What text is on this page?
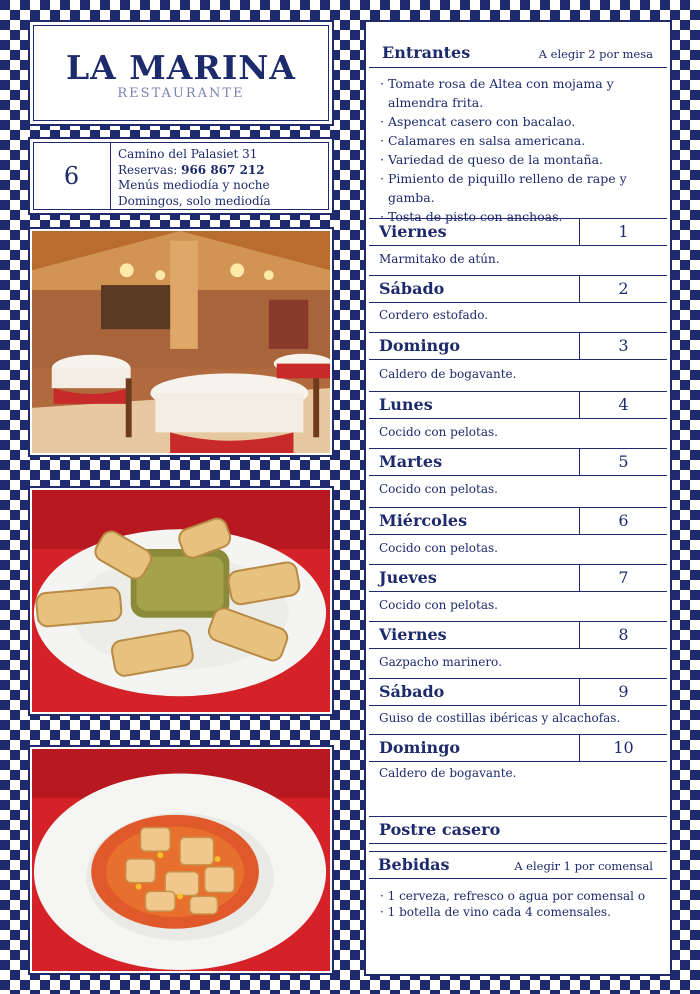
LA MARINA
RESTAURANTE
6
Camino del Palasiet 31
Reservas: 966 867 212
Menús mediodía y noche
Domingos, solo mediodía
Entrantes	A elegir 2 por mesa
· Tomate rosa de Altea con mojama y almendra frita.
· Aspencat casero con bacalao.
· Calamares en salsa americana.
· Variedad de queso de la montaña.
· Pimiento de piquillo relleno de rape y gamba.
· Tosta de pisto con anchoas.
Viernes	1
Marmitako de atún.
Sábado	2
Cordero estofado.
Domingo	3
Caldero de bogavante.
Lunes	4
Cocido con pelotas.
Martes	5
Cocido con pelotas.
Miércoles	6
Cocido con pelotas.
Jueves	7
Cocido con pelotas.
Viernes	8
Gazpacho marinero.
Sábado	9
Guiso de costillas ibéricas y alcachofas.
Domingo	10
Caldero de bogavante.
Postre casero
Bebidas	A elegir 1 por comensal
· 1 cerveza, refresco o agua por comensal o
· 1 botella de vino cada 4 comensales.
